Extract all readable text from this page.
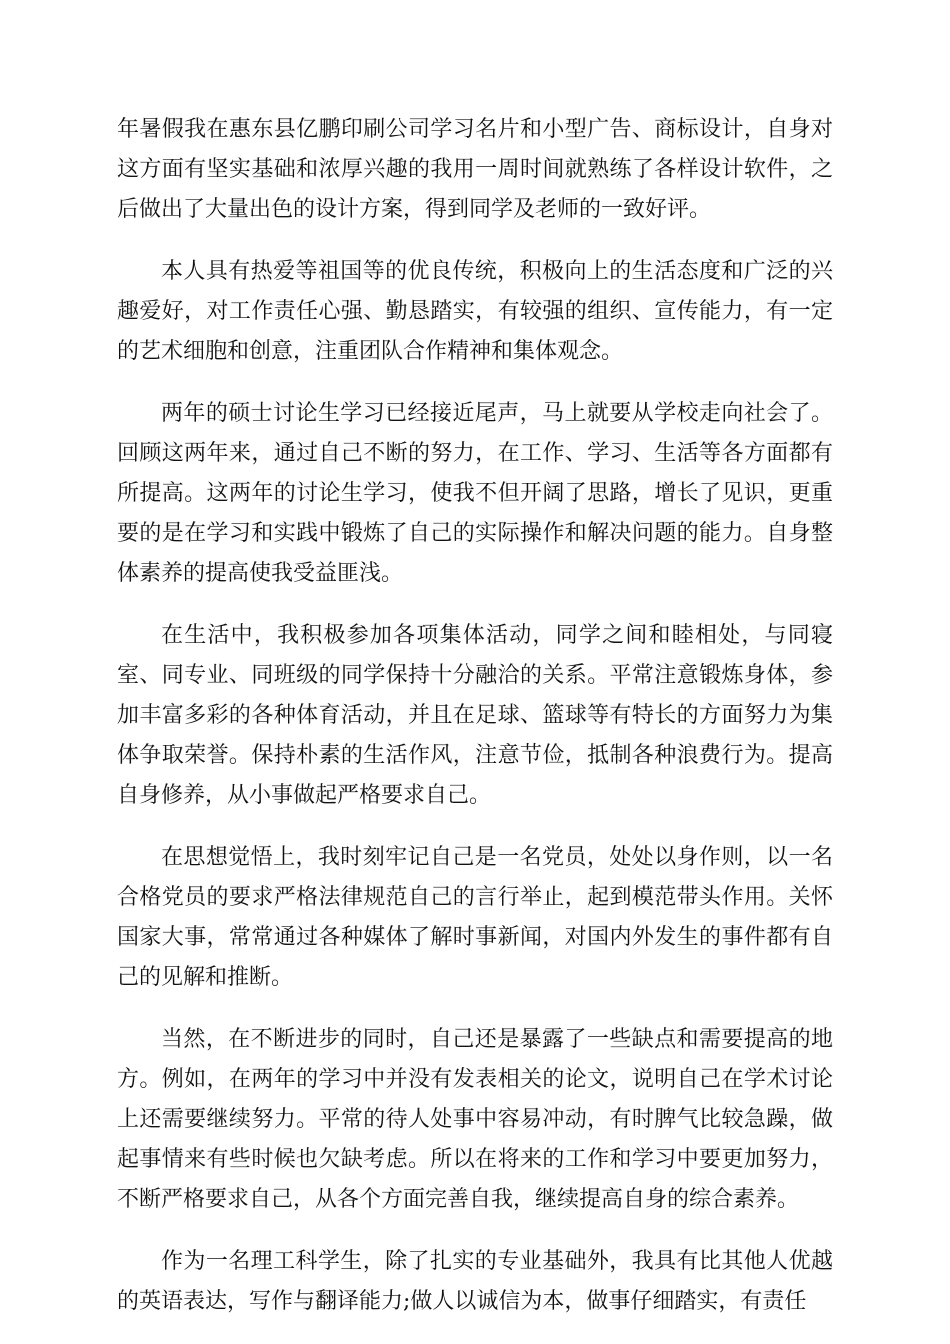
年暑假我在惠东县亿鹏印刷公司学习名片和小型广告、商标设计，自身对这方面有坚实基础和浓厚兴趣的我用一周时间就熟练了各样设计软件，之后做出了大量出色的设计方案，得到同学及老师的一致好评。

本人具有热爱等祖国等的优良传统，积极向上的生活态度和广泛的兴趣爱好，对工作责任心强、勤恳踏实，有较强的组织、宣传能力，有一定的艺术细胞和创意，注重团队合作精神和集体观念。

两年的硕士讨论生学习已经接近尾声，马上就要从学校走向社会了。回顾这两年来，通过自己不断的努力，在工作、学习、生活等各方面都有所提高。这两年的讨论生学习，使我不但开阔了思路，增长了见识，更重要的是在学习和实践中锻炼了自己的实际操作和解决问题的能力。自身整体素养的提高使我受益匪浅。

在生活中，我积极参加各项集体活动，同学之间和睦相处，与同寝室、同专业、同班级的同学保持十分融洽的关系。平常注意锻炼身体，参加丰富多彩的各种体育活动，并且在足球、篮球等有特长的方面努力为集体争取荣誉。保持朴素的生活作风，注意节俭，抵制各种浪费行为。提高自身修养，从小事做起严格要求自己。

在思想觉悟上，我时刻牢记自己是一名党员，处处以身作则，以一名合格党员的要求严格法律规范自己的言行举止，起到模范带头作用。关怀国家大事，常常通过各种媒体了解时事新闻，对国内外发生的事件都有自己的见解和推断。

当然，在不断进步的同时，自己还是暴露了一些缺点和需要提高的地方。例如，在两年的学习中并没有发表相关的论文，说明自己在学术讨论上还需要继续努力。平常的待人处事中容易冲动，有时脾气比较急躁，做起事情来有些时候也欠缺考虑。所以在将来的工作和学习中要更加努力，不断严格要求自己，从各个方面完善自我，继续提高自身的综合素养。

作为一名理工科学生，除了扎实的专业基础外，我具有比其他人优越的英语表达，写作与翻译能力;做人以诚信为本，做事仔细踏实，有责任
